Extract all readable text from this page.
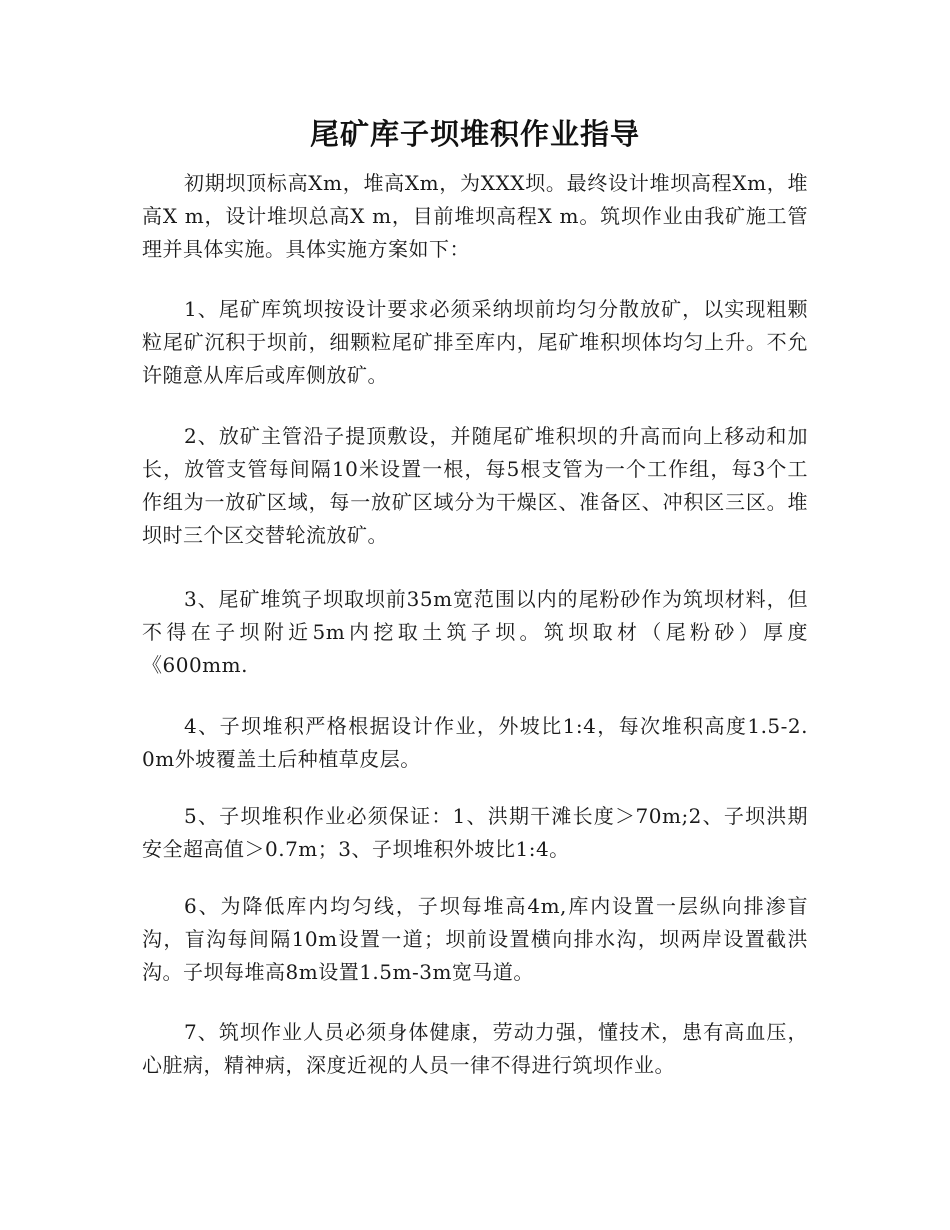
尾矿库子坝堆积作业指导

初期坝顶标高Xm，堆高Xm，为XXX坝。最终设计堆坝高程Xm，堆高X m，设计堆坝总高X m，目前堆坝高程X m。筑坝作业由我矿施工管理并具体实施。具体实施方案如下：

1、尾矿库筑坝按设计要求必须采纳坝前均匀分散放矿，以实现粗颗粒尾矿沉积于坝前，细颗粒尾矿排至库内，尾矿堆积坝体均匀上升。不允许随意从库后或库侧放矿。

2、放矿主管沿子提顶敷设，并随尾矿堆积坝的升高而向上移动和加长，放管支管每间隔10米设置一根，每5根支管为一个工作组，每3个工作组为一放矿区域，每一放矿区域分为干燥区、准备区、冲积区三区。堆坝时三个区交替轮流放矿。

3、尾矿堆筑子坝取坝前35m宽范围以内的尾粉砂作为筑坝材料，但不得在子坝附近5m内挖取土筑子坝。筑坝取材（尾粉砂）厚度《600mm.

4、子坝堆积严格根据设计作业，外坡比1:4，每次堆积高度1.5-2. 0m外坡覆盖土后种植草皮层。

5、子坝堆积作业必须保证：1、洪期干滩长度＞70m;2、子坝洪期安全超高值＞0.7m；3、子坝堆积外坡比1:4。

6、为降低库内均匀线，子坝每堆高4m,库内设置一层纵向排渗盲沟，盲沟每间隔10m设置一道；坝前设置横向排水沟，坝两岸设置截洪沟。子坝每堆高8m设置1.5m-3m宽马道。

7、筑坝作业人员必须身体健康，劳动力强，懂技术，患有高血压，心脏病，精神病，深度近视的人员一律不得进行筑坝作业。
